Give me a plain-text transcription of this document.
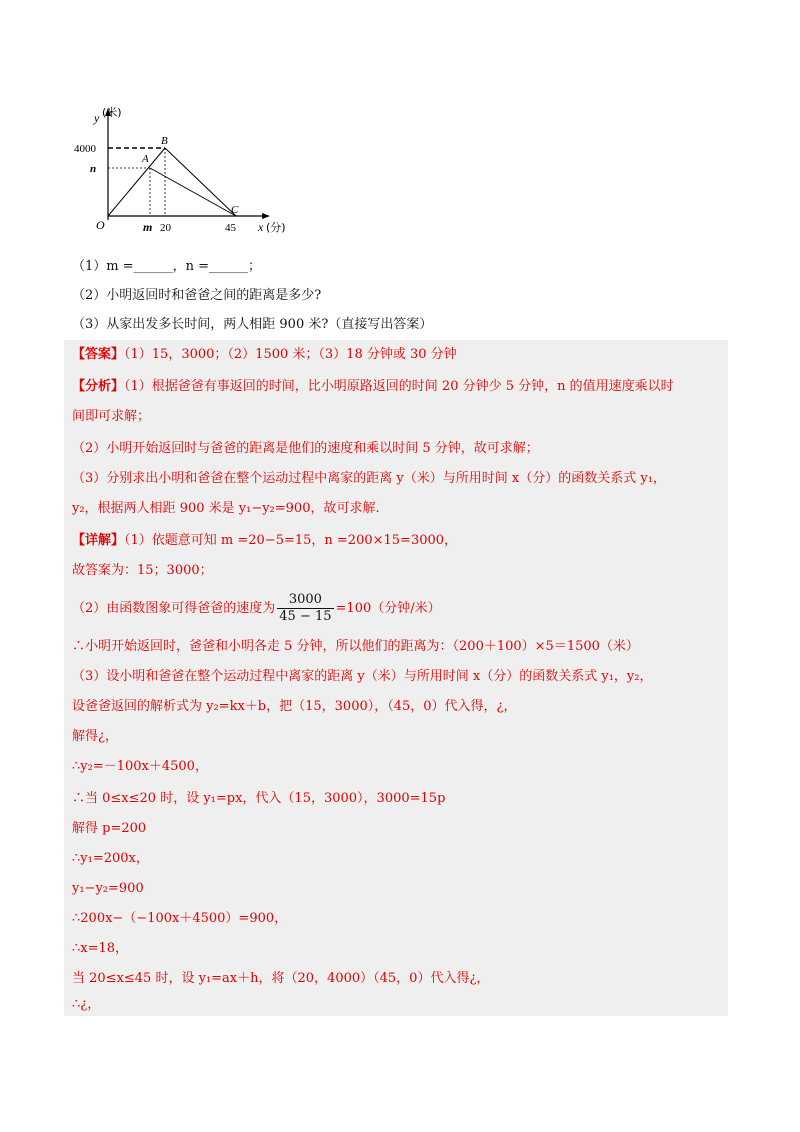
y (米)
4000
n
O	m 20	45 x (分)
A
B
C
（1）m =______，n =______；
（2）小明返回时和爸爸之间的距离是多少?
（3）从家出发多长时间，两人相距 900 米?（直接写出答案）
【答案】（1）15，3000；（2）1500 米；（3）18 分钟或 30 分钟
【分析】（1）根据爸爸有事返回的时间，比小明原路返回的时间 20 分钟少 5 分钟，n 的值用速度乘以时
间即可求解；
（2）小明开始返回时与爸爸的距离是他们的速度和乘以时间 5 分钟，故可求解；
（3）分别求出小明和爸爸在整个运动过程中离家的距离 y（米）与所用时间 x（分）的函数关系式 y₁，
y₂，根据两人相距 900 米是 y₁−y₂=900，故可求解.
【详解】（1）依题意可知 m =20−5=15，n =200×15=3000，
故答案为：15；3000；
（2）由函数图象可得爸爸的速度为 $\frac{3000}{45 - 15} =100$（分钟/米）
∴小明开始返回时，爸爸和小明各走 5 分钟，所以他们的距离为：（200＋100）×5＝1500（米）
（3）设小明和爸爸在整个运动过程中离家的距离 y（米）与所用时间 x（分）的函数关系式 y₁，y₂，
设爸爸返回的解析式为 y₂=kx＋b，把（15，3000），（45，0）代入得，¿，
解得¿，
∴y₂=－100x＋4500，
∴当 0≤x≤20 时，设 y₁=px，代入（15，3000），3000=15p
解得 p=200
∴y₁=200x，
y₁−y₂=900
∴200x−（−100x＋4500）=900，
∴x=18，
当 20≤x≤45 时，设 y₁=ax＋h，将（20，4000）（45，0）代入得¿，
∴¿，
